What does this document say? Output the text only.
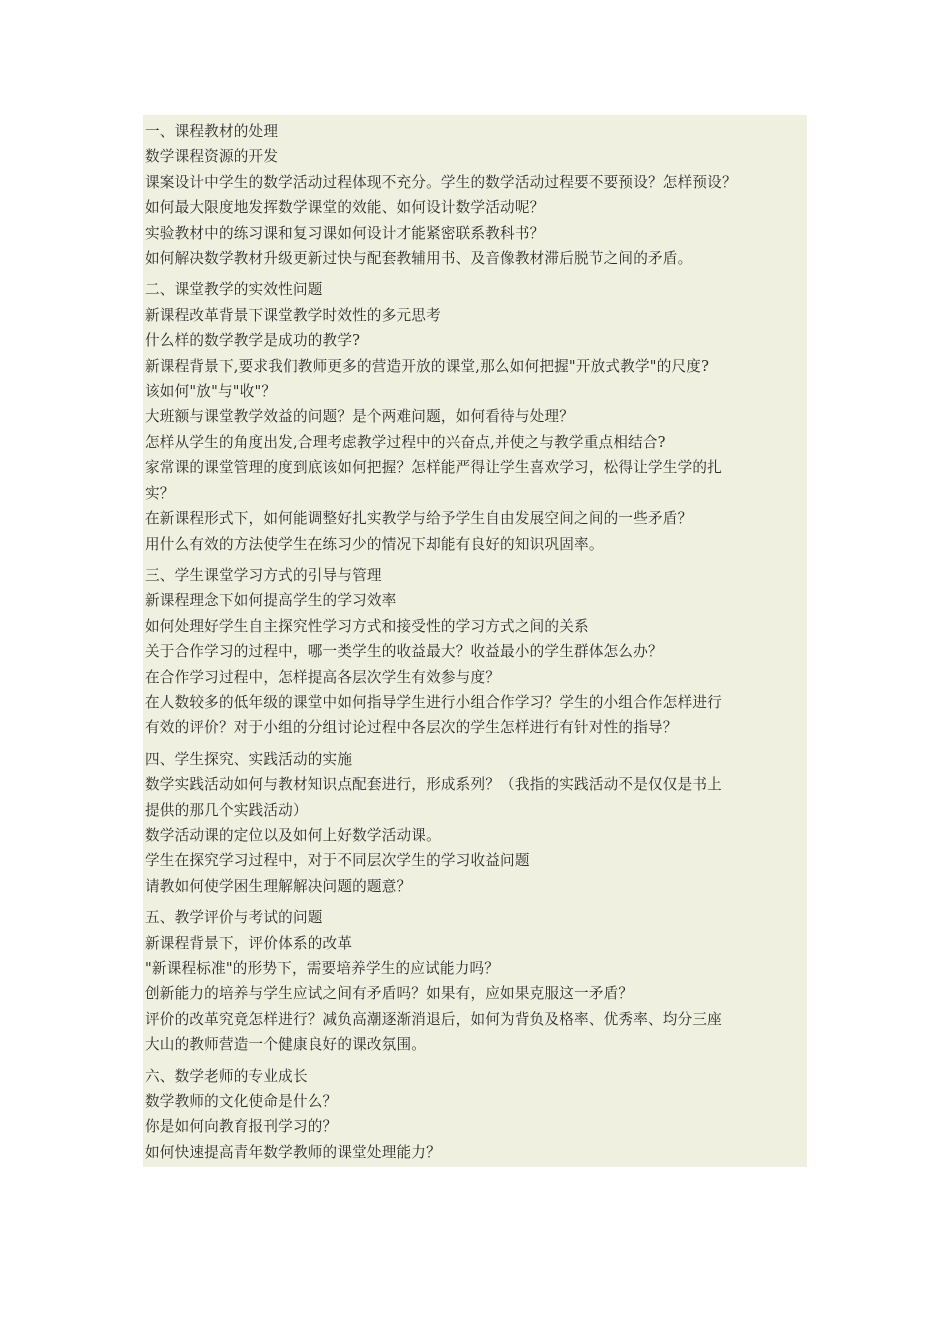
一、课程教材的处理
数学课程资源的开发
课案设计中学生的数学活动过程体现不充分。学生的数学活动过程要不要预设？怎样预设？
如何最大限度地发挥数学课堂的效能、如何设计数学活动呢？
实验教材中的练习课和复习课如何设计才能紧密联系教科书？
如何解决数学教材升级更新过快与配套教辅用书、及音像教材滞后脱节之间的矛盾。
二、课堂教学的实效性问题
新课程改革背景下课堂教学时效性的多元思考
什么样的数学教学是成功的教学?
新课程背景下,要求我们教师更多的营造开放的课堂,那么如何把握"开放式教学"的尺度?
该如何"放"与"收"？
大班额与课堂教学效益的问题？是个两难问题，如何看待与处理？
怎样从学生的角度出发,合理考虑教学过程中的兴奋点,并使之与教学重点相结合?
家常课的课堂管理的度到底该如何把握？怎样能严得让学生喜欢学习，松得让学生学的扎
实？
在新课程形式下，如何能调整好扎实教学与给予学生自由发展空间之间的一些矛盾？
用什么有效的方法使学生在练习少的情况下却能有良好的知识巩固率。
三、学生课堂学习方式的引导与管理
新课程理念下如何提高学生的学习效率
如何处理好学生自主探究性学习方式和接受性的学习方式之间的关系
关于合作学习的过程中，哪一类学生的收益最大？收益最小的学生群体怎么办？
在合作学习过程中，怎样提高各层次学生有效参与度？
在人数较多的低年级的课堂中如何指导学生进行小组合作学习？学生的小组合作怎样进行
有效的评价？对于小组的分组讨论过程中各层次的学生怎样进行有针对性的指导？
四、学生探究、实践活动的实施
数学实践活动如何与教材知识点配套进行，形成系列？（我指的实践活动不是仅仅是书上
提供的那几个实践活动）
数学活动课的定位以及如何上好数学活动课。
学生在探究学习过程中，对于不同层次学生的学习收益问题
请教如何使学困生理解解决问题的题意？
五、教学评价与考试的问题
新课程背景下，评价体系的改革
"新课程标准"的形势下，需要培养学生的应试能力吗？
创新能力的培养与学生应试之间有矛盾吗？如果有，应如果克服这一矛盾？
评价的改革究竟怎样进行？减负高潮逐渐消退后，如何为背负及格率、优秀率、均分三座
大山的教师营造一个健康良好的课改氛围。
六、数学老师的专业成长
数学教师的文化使命是什么？
你是如何向教育报刊学习的？
如何快速提高青年数学教师的课堂处理能力？
